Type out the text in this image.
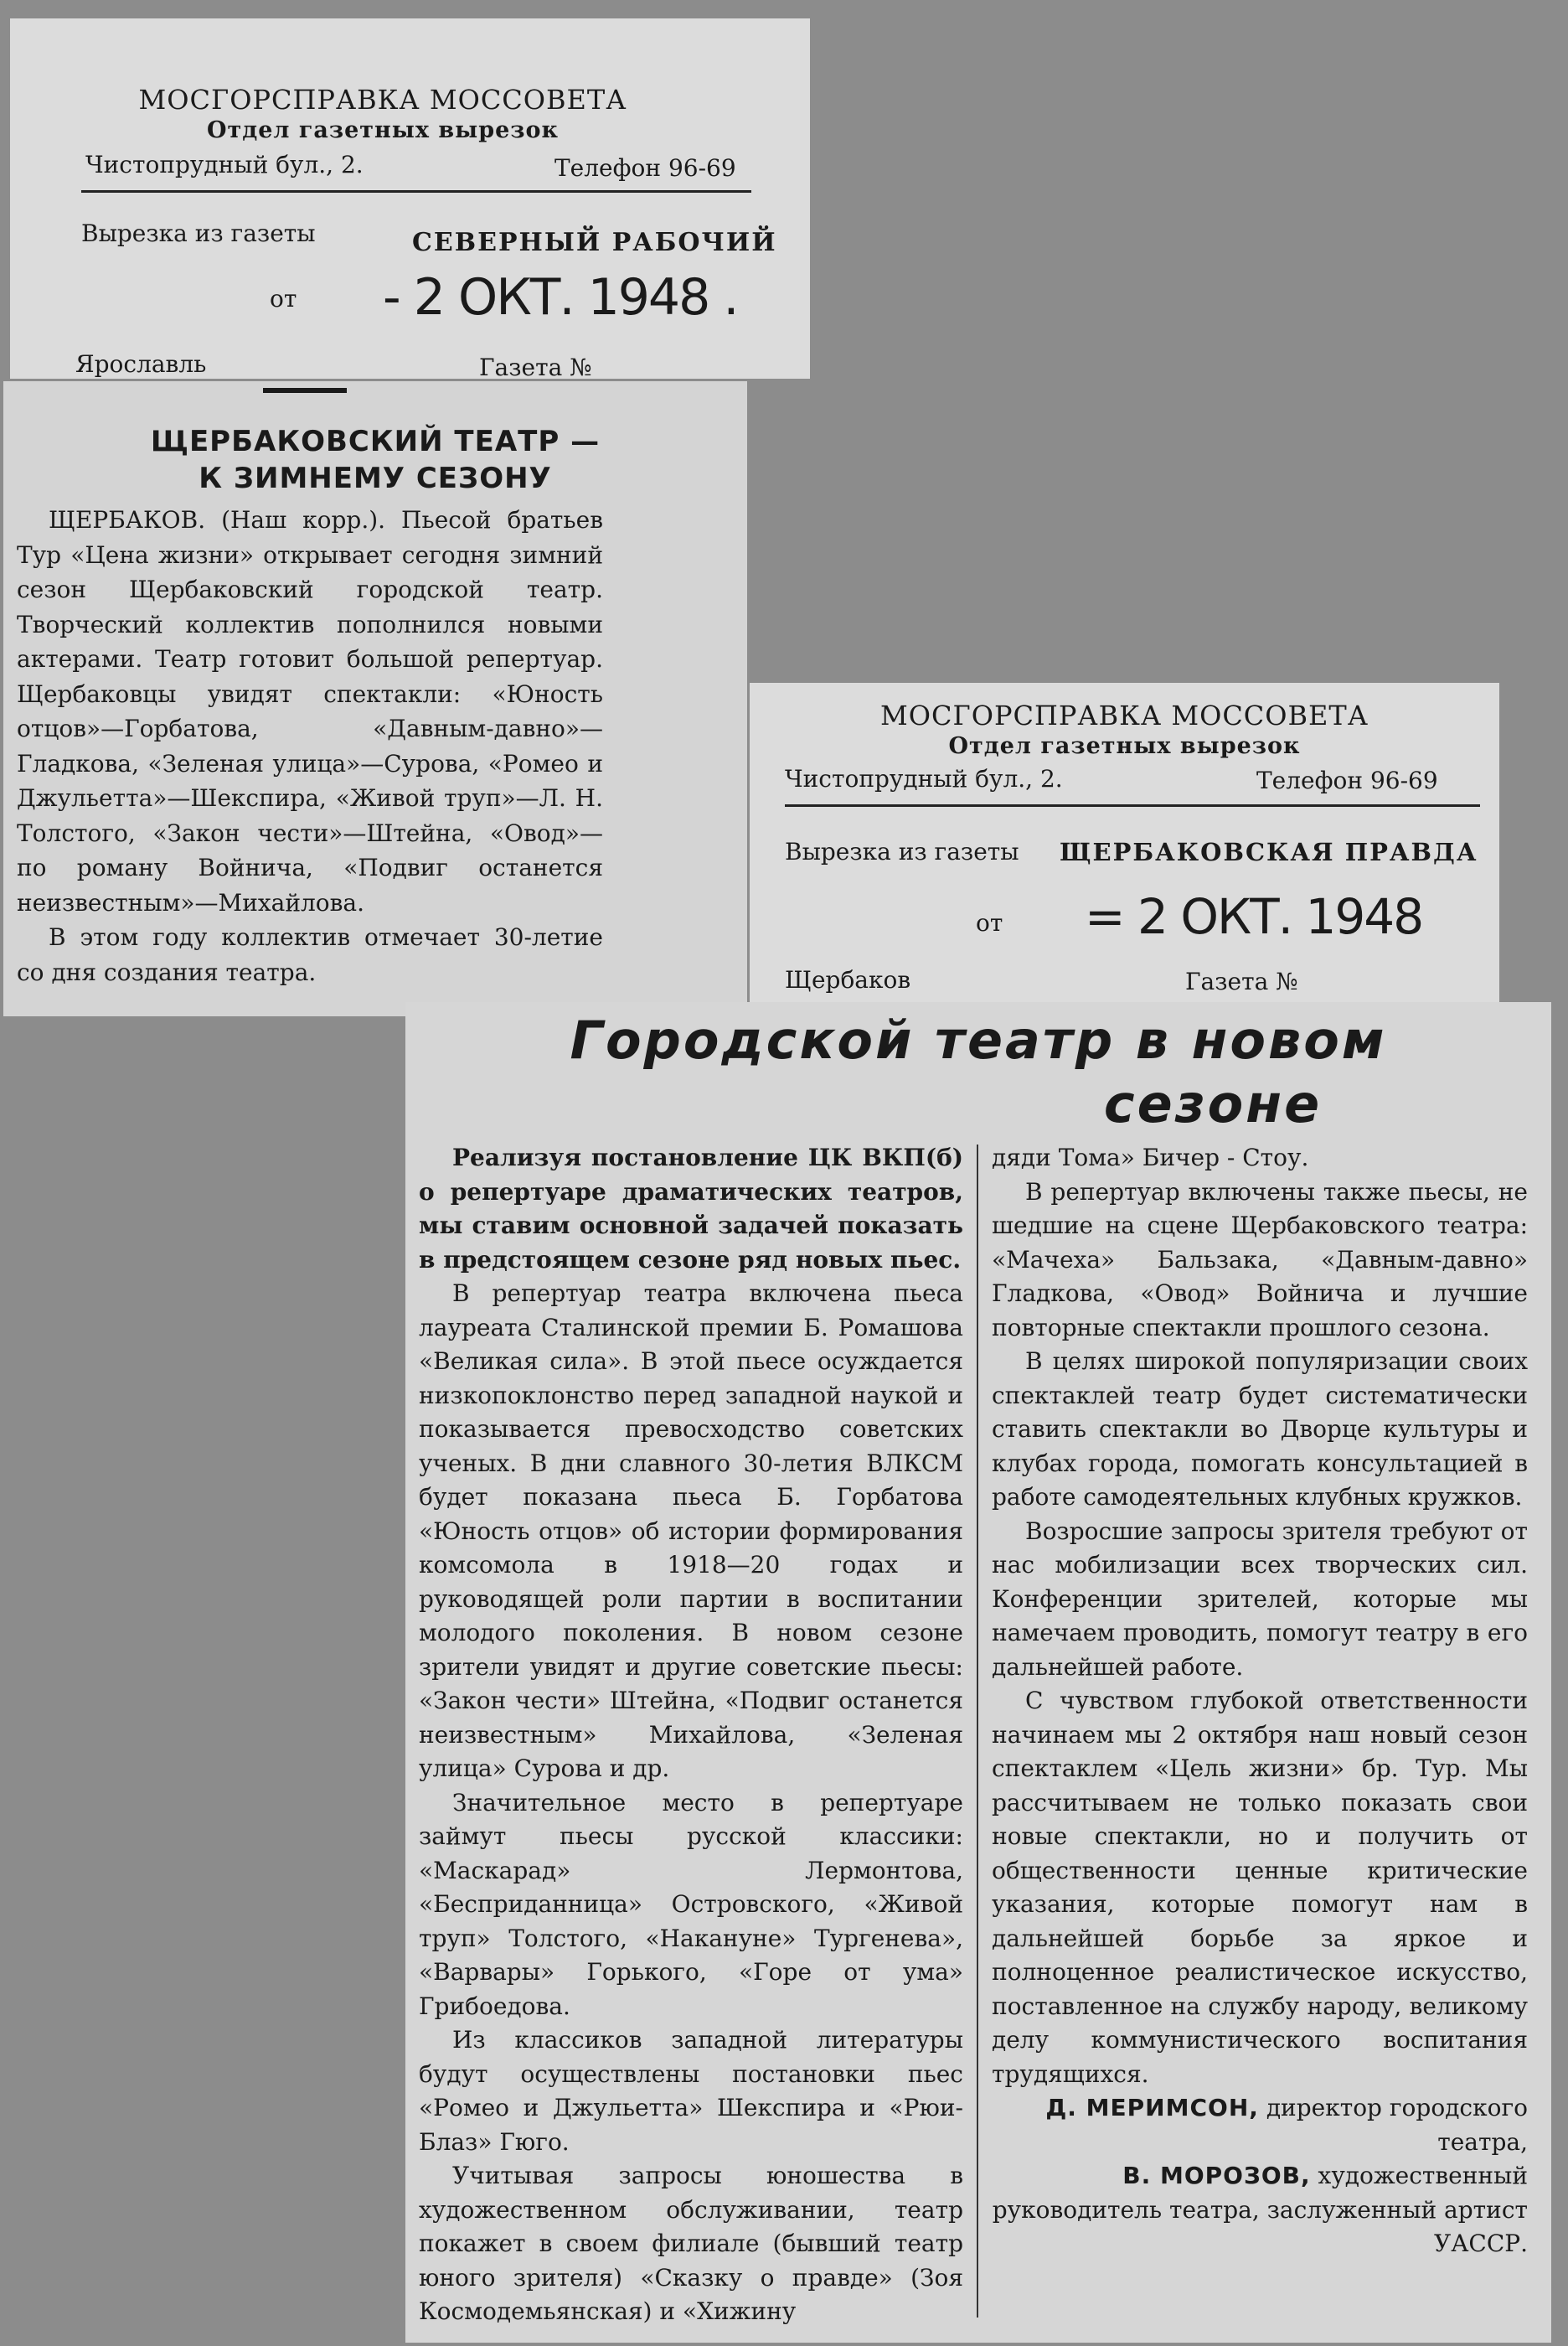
МОСГОРСПРАВКА МОССОВЕТА
Отдел газетных вырезок
Чистопрудный бул., 2.	Телефон 96-69
Вырезка из газеты	СЕВЕРНЫЙ РАБОЧИЙ
от - 2 ОКТ. 1948 .
Ярославль	Газета №
ЩЕРБАКОВСКИЙ ТЕАТР —
К ЗИМНЕМУ СЕЗОНУ
ЩЕРБАКОВ. (Наш корр.). Пьесой братьев Тур «Цена жизни» открывает сегодня зимний сезон Щербаковский городской театр. Творческий коллектив пополнился новыми актерами. Театр готовит большой репертуар. Щербаковцы увидят спектакли: «Юность отцов»—Горбатова, «Давным-давно»—Гладкова, «Зеленая улица»—Сурова, «Ромео и Джульетта»—Шекспира, «Живой труп»—Л. Н. Толстого, «Закон чести»—Штейна, «Овод»—по роману Войнича, «Подвиг останется неизвестным»—Михайлова.
В этом году коллектив отмечает 30-летие со дня создания театра.
МОСГОРСПРАВКА МОССОВЕТА
Отдел газетных вырезок
Чистопрудный бул., 2.	Телефон 96-69
Вырезка из газеты ЩЕРБАКОВСКАЯ ПРАВДА
от = 2 ОКТ. 1948
Щербаков	Газета №
Городской театр в новом
сезоне

Реализуя постановление ЦК ВКП(б) о репертуаре драматических театров, мы ставим основной задачей показать в предстоящем сезоне ряд новых пьес.

В репертуар театра включена пьеса лауреата Сталинской премии Б. Ромашова «Великая сила». В этой пьесе осуждается низкопоклонство перед западной наукой и показывается превосходство советских ученых. В дни славного 30-летия ВЛКСМ будет показана пьеса Б. Горбатова «Юность отцов» об истории формирования комсомола в 1918—20 годах и руководящей роли партии в воспитании молодого поколения. В новом сезоне зрители увидят и другие советские пьесы: «Закон чести» Штейна, «Подвиг останется неизвестным» Михайлова, «Зеленая улица» Сурова и др.

Значительное место в репертуаре займут пьесы русской классики: «Маскарад» Лермонтова, «Бесприданница» Островского, «Живой труп» Толстого, «Накануне» Тургенева», «Варвары» Горького, «Горе от ума» Грибоедова.

Из классиков западной литературы будут осуществлены постановки пьес «Ромео и Джульетта» Шекспира и «Рюи-Блаз» Гюго.

Учитывая запросы юношества в художественном обслуживании, театр покажет в своем филиале (бывший театр юного зрителя) «Сказку о правде» (Зоя Космодемьянская) и «Хижину

дяди Тома» Бичер - Стоу.

В репертуар включены также пьесы, не шедшие на сцене Щербаковского театра: «Мачеха» Бальзака, «Давным-давно» Гладкова, «Овод» Войнича и лучшие повторные спектакли прошлого сезона.

В целях широкой популяризации своих спектаклей театр будет систематически ставить спектакли во Дворце культуры и клубах города, помогать консультацией в работе самодеятельных клубных кружков.

Возросшие запросы зрителя требуют от нас мобилизации всех творческих сил. Конференции зрителей, которые мы намечаем проводить, помогут театру в его дальнейшей работе.

С чувством глубокой ответственности начинаем мы 2 октября наш новый сезон спектаклем «Цель жизни» бр. Тур. Мы рассчитываем не только показать свои новые спектакли, но и получить от общественности ценные критические указания, которые помогут нам в дальнейшей борьбе за яркое и полноценное реалистическое искусство, поставленное на службу народу, великому делу коммунистического воспитания трудящихся.

Д. МЕРИМСОН, директор городского театра,
В. МОРОЗОВ, художественный руководитель театра, заслуженный артист УАССР.
